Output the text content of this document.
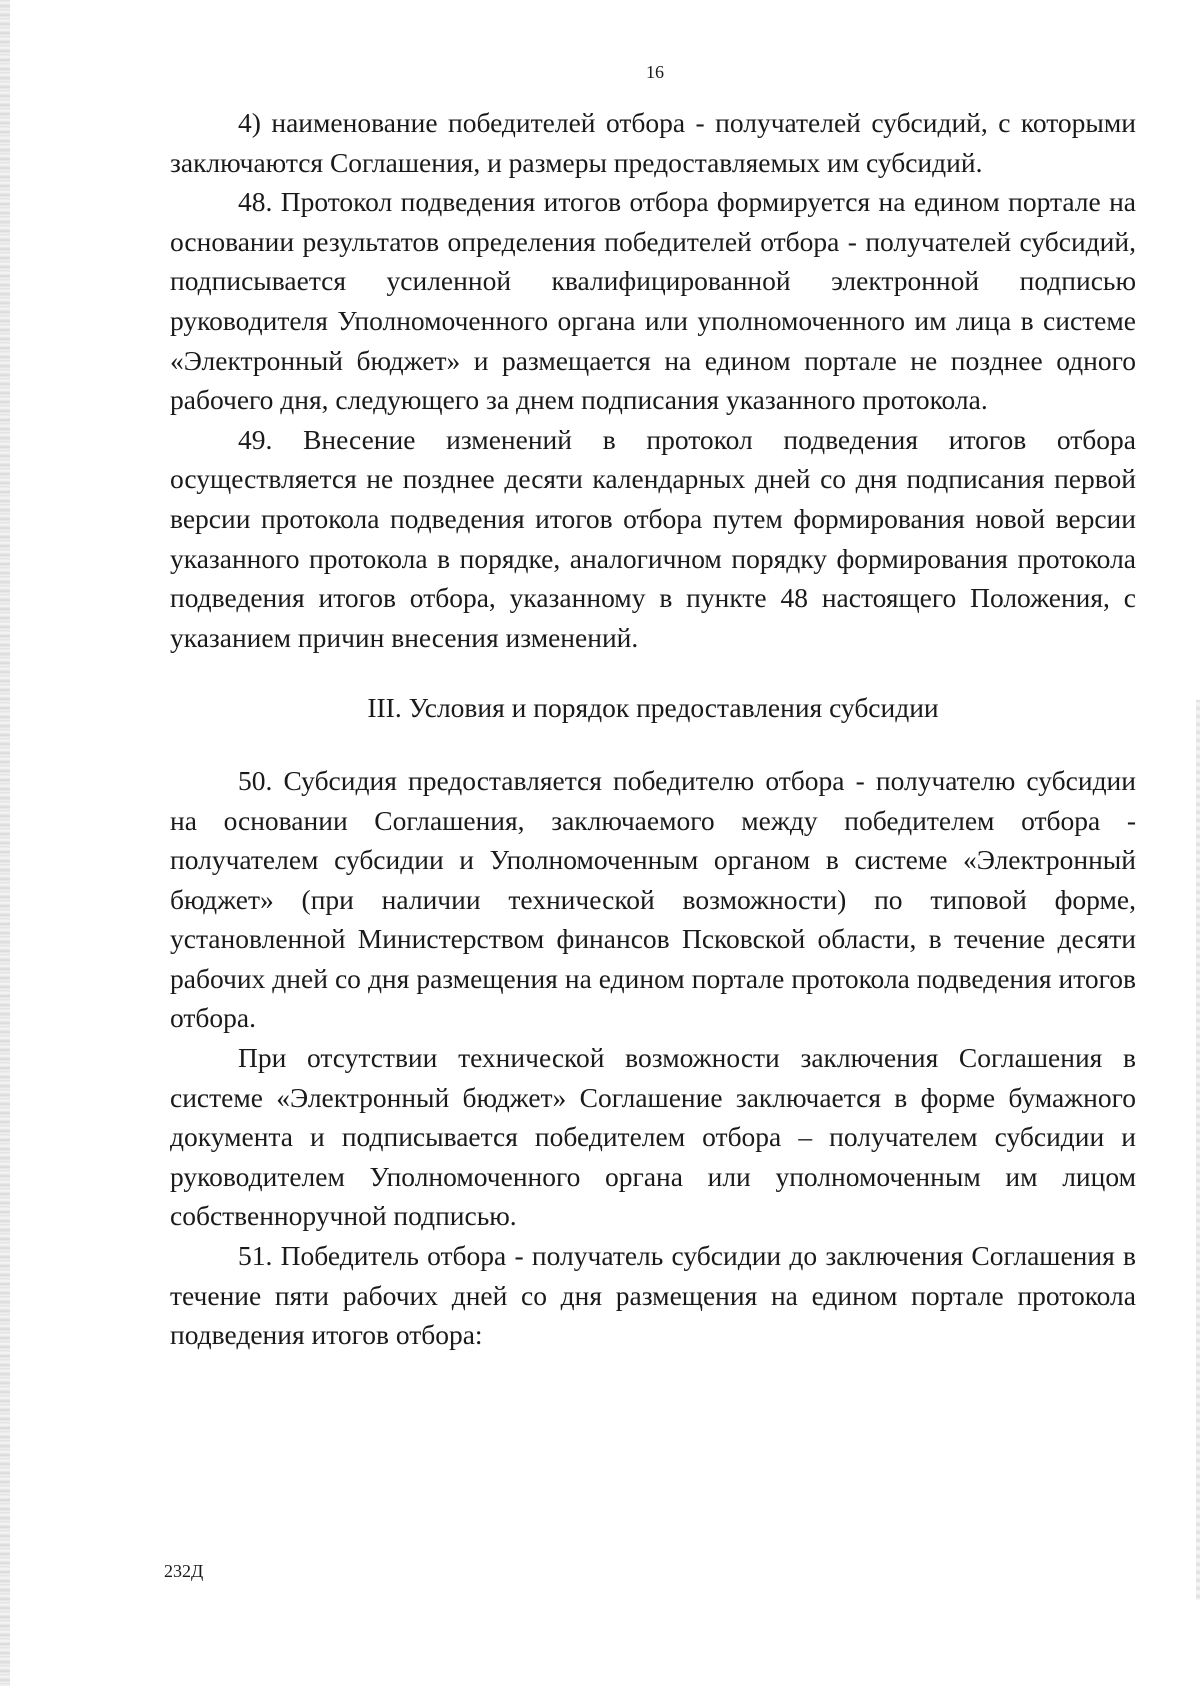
16

4) наименование победителей отбора - получателей субсидий, с которыми заключаются Соглашения, и размеры предоставляемых им субсидий.

48. Протокол подведения итогов отбора формируется на едином портале на основании результатов определения победителей отбора - получателей субсидий, подписывается усиленной квалифицированной электронной подписью руководителя Уполномоченного органа или уполномоченного им лица в системе «Электронный бюджет» и размещается на едином портале не позднее одного рабочего дня, следующего за днем подписания указанного протокола.

49. Внесение изменений в протокол подведения итогов отбора осуществляется не позднее десяти календарных дней со дня подписания первой версии протокола подведения итогов отбора путем формирования новой версии указанного протокола в порядке, аналогичном порядку формирования протокола подведения итогов отбора, указанному в пункте 48 настоящего Положения, с указанием причин внесения изменений.

III. Условия и порядок предоставления субсидии

50. Субсидия предоставляется победителю отбора - получателю субсидии на основании Соглашения, заключаемого между победителем отбора - получателем субсидии и Уполномоченным органом в системе «Электронный бюджет» (при наличии технической возможности) по типовой форме, установленной Министерством финансов Псковской области, в течение десяти рабочих дней со дня размещения на едином портале протокола подведения итогов отбора.

При отсутствии технической возможности заключения Соглашения в системе «Электронный бюджет» Соглашение заключается в форме бумажного документа и подписывается победителем отбора – получателем субсидии и руководителем Уполномоченного органа или уполномоченным им лицом собственноручной подписью.

51. Победитель отбора - получатель субсидии до заключения Соглашения в течение пяти рабочих дней со дня размещения на едином портале протокола подведения итогов отбора:

232Д
